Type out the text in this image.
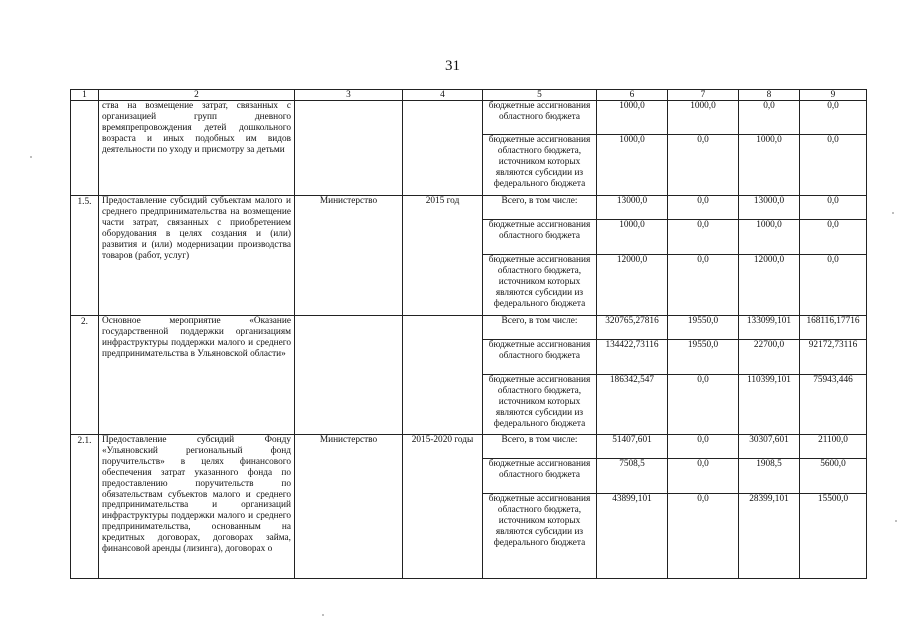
31
1	2	3	4	5	6	7	8	9
	ства на возмещение затрат, связанных с организацией групп дневного времяпрепровождения детей дошкольного возраста и иных подобных им видов деятельности по уходу и присмотру за детьми			бюджетные ассигнования областного бюджета	1000,0	1000,0	0,0	0,0
				бюджетные ассигнования областного бюджета, источником которых являются субсидии из федерального бюджета	1000,0	0,0	1000,0	0,0
1.5.	Предоставление субсидий субъектам малого и среднего предпринимательства на возмещение части затрат, связанных с приобретением оборудования в целях создания и (или) развития и (или) модернизации производства товаров (работ, услуг)	Министерство	2015 год	Всего, в том числе:	13000,0	0,0	13000,0	0,0
				бюджетные ассигнования областного бюджета	1000,0	0,0	1000,0	0,0
				бюджетные ассигнования областного бюджета, источником которых являются субсидии из федерального бюджета	12000,0	0,0	12000,0	0,0
2.	Основное мероприятие «Оказание государственной поддержки организациям инфраструктуры поддержки малого и среднего предпринимательства в Ульяновской области»			Всего, в том числе:	320765,27816	19550,0	133099,101	168116,17716
				бюджетные ассигнования областного бюджета	134422,73116	19550,0	22700,0	92172,73116
				бюджетные ассигнования областного бюджета, источником которых являются субсидии из федерального бюджета	186342,547	0,0	110399,101	75943,446
2.1.	Предоставление субсидий Фонду «Ульяновский региональный фонд поручительств» в целях финансового обеспечения затрат указанного фонда по предоставлению поручительств по обязательствам субъектов малого и среднего предпринимательства и организаций инфраструктуры поддержки малого и среднего предпринимательства, основанным на кредитных договорах, договорах займа, финансовой аренды (лизинга), договорах о	Министерство	2015-2020 годы	Всего, в том числе:	51407,601	0,0	30307,601	21100,0
				бюджетные ассигнования областного бюджета	7508,5	0,0	1908,5	5600,0
				бюджетные ассигнования областного бюджета, источником которых являются субсидии из федерального бюджета	43899,101	0,0	28399,101	15500,0
